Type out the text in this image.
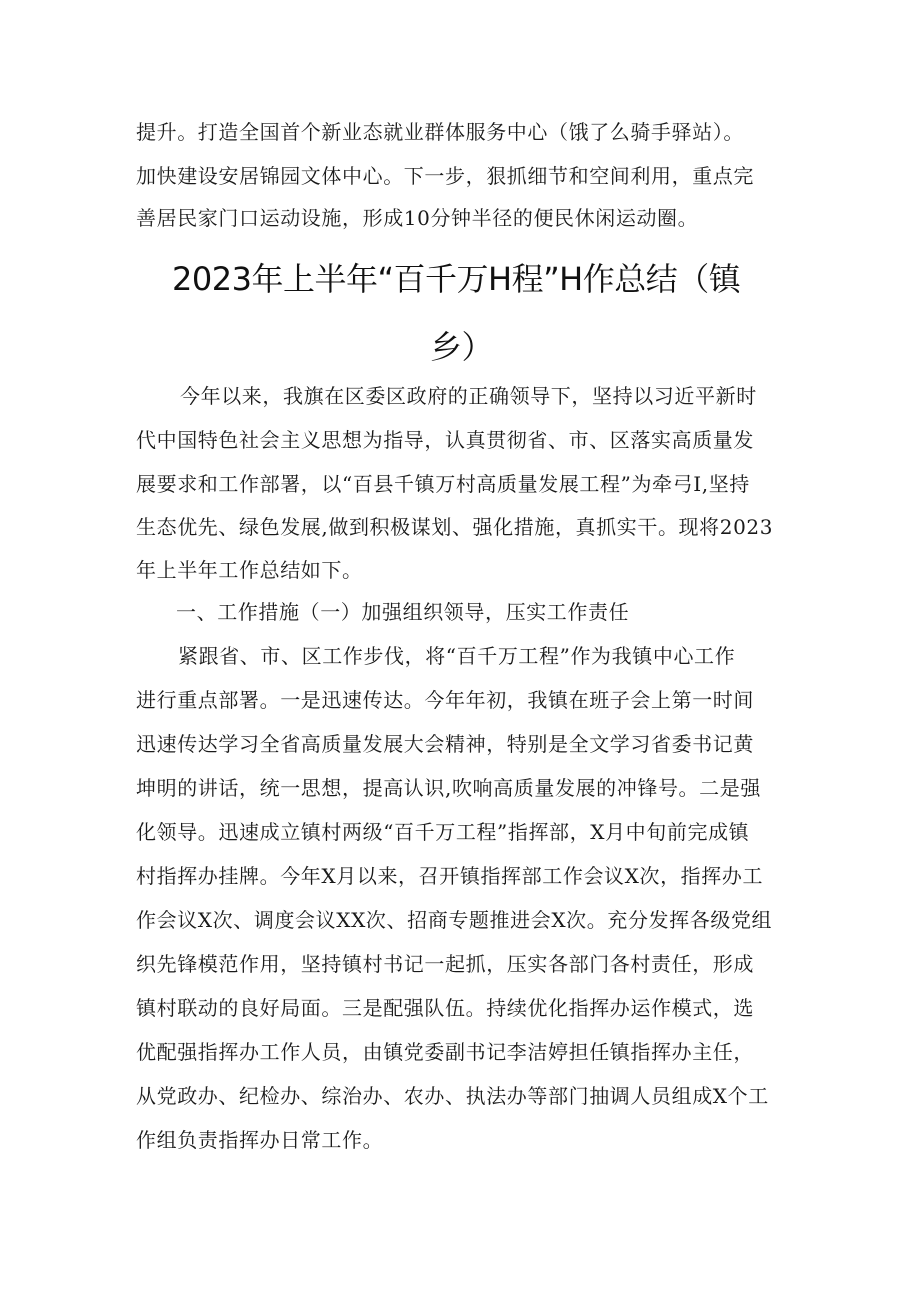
提升。打造全国首个新业态就业群体服务中心（饿了么骑手驿站）。
加快建设安居锦园文体中心。下一步，狠抓细节和空间利用，重点完
善居民家门口运动设施，形成10分钟半径的便民休闲运动圈。
2023年上半年“百千万H程”H作总结（镇
乡）
今年以来，我旗在区委区政府的正确领导下，坚持以习近平新时
代中国特色社会主义思想为指导，认真贯彻省、市、区落实高质量发
展要求和工作部署，以“百县千镇万村高质量发展工程”为牵弓I,坚持
生态优先、绿色发展,做到积极谋划、强化措施，真抓实干。现将2023
年上半年工作总结如下。
一、工作措施（一）加强组织领导，压实工作责任
紧跟省、市、区工作步伐，将“百千万工程”作为我镇中心工作
进行重点部署。一是迅速传达。今年年初，我镇在班子会上第一时间
迅速传达学习全省高质量发展大会精神，特别是全文学习省委书记黄
坤明的讲话，统一思想，提高认识,吹响高质量发展的冲锋号。二是强
化领导。迅速成立镇村两级“百千万工程”指挥部，X月中旬前完成镇
村指挥办挂牌。今年X月以来，召开镇指挥部工作会议X次，指挥办工
作会议X次、调度会议XX次、招商专题推进会X次。充分发挥各级党组
织先锋模范作用，坚持镇村书记一起抓，压实各部门各村责任，形成
镇村联动的良好局面。三是配强队伍。持续优化指挥办运作模式，选
优配强指挥办工作人员，由镇党委副书记李洁婷担任镇指挥办主任，
从党政办、纪检办、综治办、农办、执法办等部门抽调人员组成X个工
作组负责指挥办日常工作。
